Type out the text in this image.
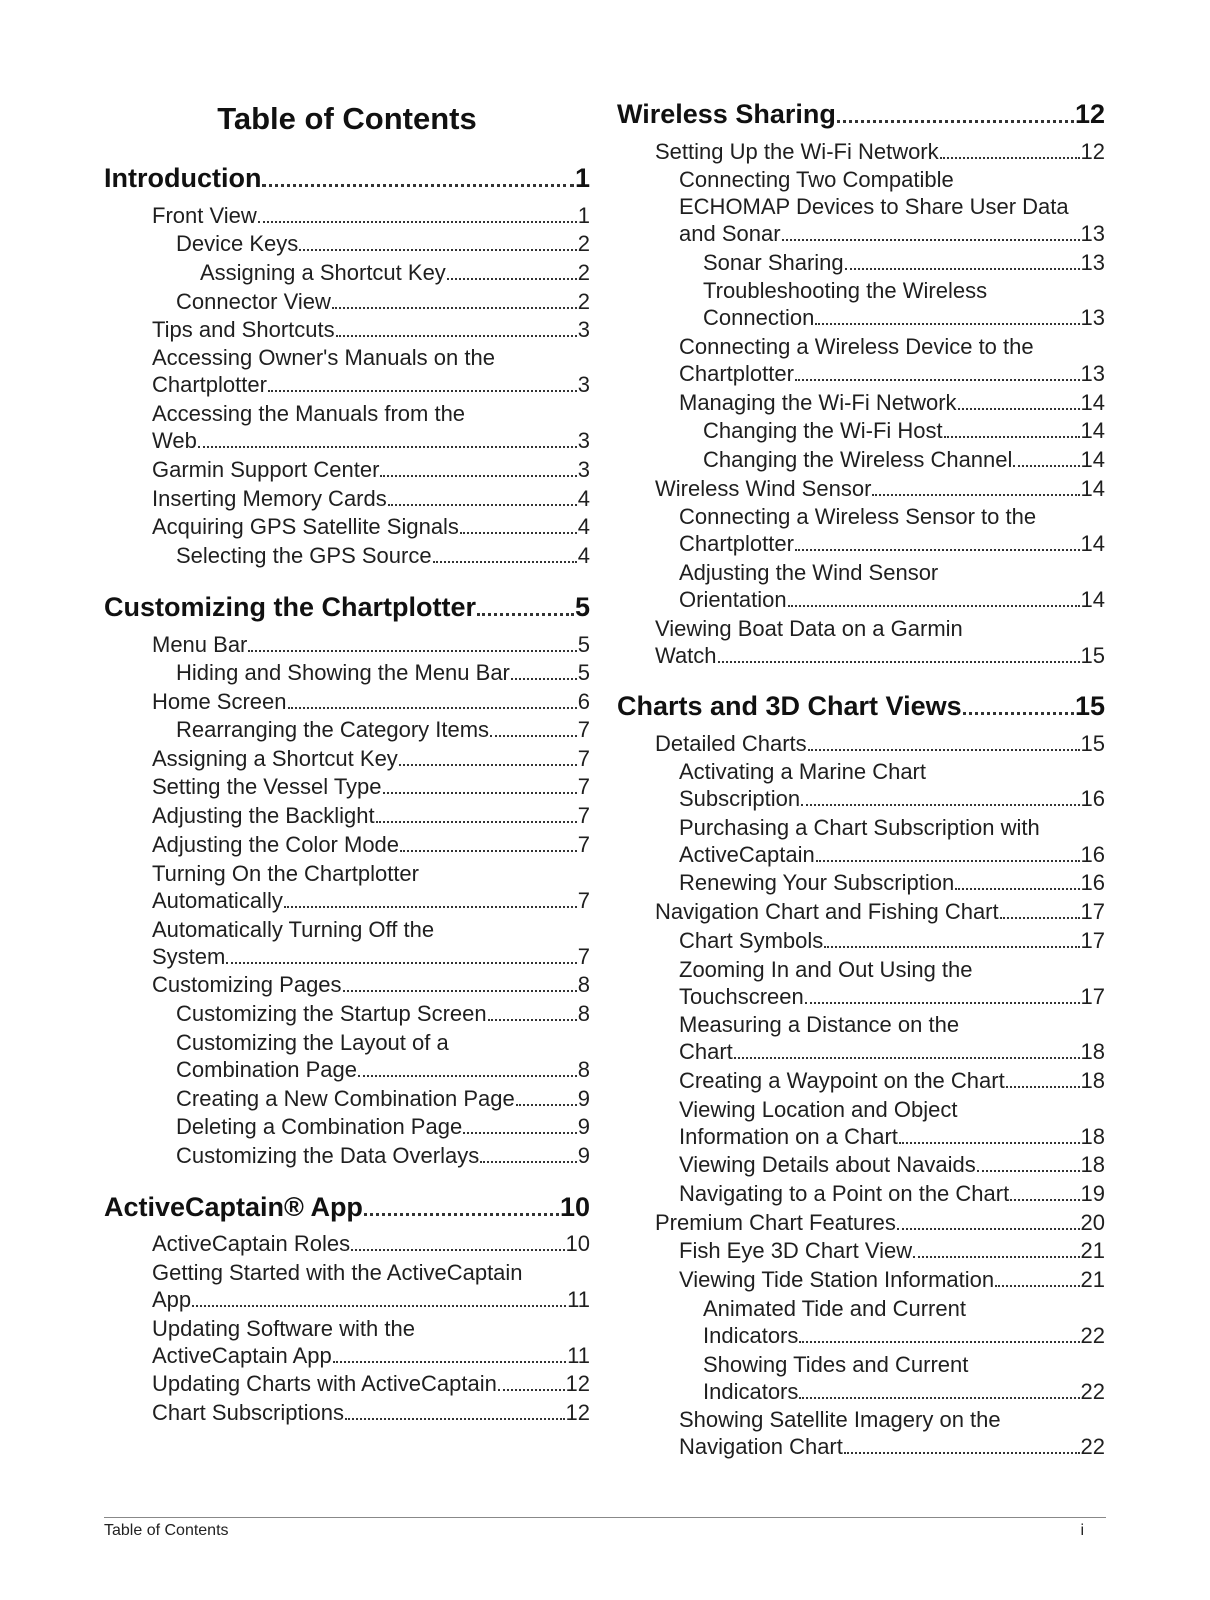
Table of Contents
Introduction	1
Front View	1
Device Keys	2
Assigning a Shortcut Key	2
Connector View	2
Tips and Shortcuts	3
Accessing Owner's Manuals on the
Chartplotter	3
Accessing the Manuals from the
Web	3
Garmin Support Center	3
Inserting Memory Cards	4
Acquiring GPS Satellite Signals	4
Selecting the GPS Source	4
Customizing the Chartplotter	5
Menu Bar	5
Hiding and Showing the Menu Bar	5
Home Screen	6
Rearranging the Category Items	7
Assigning a Shortcut Key	7
Setting the Vessel Type	7
Adjusting the Backlight	7
Adjusting the Color Mode	7
Turning On the Chartplotter
Automatically	7
Automatically Turning Off the
System	7
Customizing Pages	8
Customizing the Startup Screen	8
Customizing the Layout of a
Combination Page	8
Creating a New Combination Page	9
Deleting a Combination Page	9
Customizing the Data Overlays	9
ActiveCaptain® App	10
ActiveCaptain Roles	10
Getting Started with the ActiveCaptain
App	11
Updating Software with the
ActiveCaptain App	11
Updating Charts with ActiveCaptain	12
Chart Subscriptions	12
Wireless Sharing	12
Setting Up the Wi-Fi Network	12
Connecting Two Compatible
ECHOMAP Devices to Share User Data
and Sonar	13
Sonar Sharing	13
Troubleshooting the Wireless
Connection	13
Connecting a Wireless Device to the
Chartplotter	13
Managing the Wi-Fi Network	14
Changing the Wi-Fi Host	14
Changing the Wireless Channel	14
Wireless Wind Sensor	14
Connecting a Wireless Sensor to the
Chartplotter	14
Adjusting the Wind Sensor
Orientation	14
Viewing Boat Data on a Garmin
Watch	15
Charts and 3D Chart Views	15
Detailed Charts	15
Activating a Marine Chart
Subscription	16
Purchasing a Chart Subscription with
ActiveCaptain	16
Renewing Your Subscription	16
Navigation Chart and Fishing Chart	17
Chart Symbols	17
Zooming In and Out Using the
Touchscreen	17
Measuring a Distance on the
Chart	18
Creating a Waypoint on the Chart	18
Viewing Location and Object
Information on a Chart	18
Viewing Details about Navaids	18
Navigating to a Point on the Chart	19
Premium Chart Features	20
Fish Eye 3D Chart View	21
Viewing Tide Station Information	21
Animated Tide and Current
Indicators	22
Showing Tides and Current
Indicators	22
Showing Satellite Imagery on the
Navigation Chart	22
Table of Contents	i
